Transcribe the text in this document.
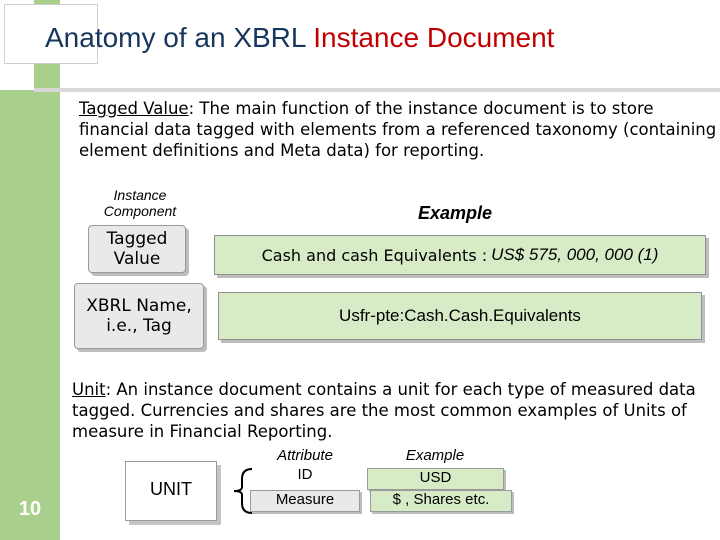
Anatomy of an XBRL Instance Document
Tagged Value: The main function of the instance document is to store financial data tagged with elements from a referenced taxonomy (containing element definitions and Meta data) for reporting.
Instance Component	Example
Tagged Value
XBRL Name, i.e., Tag
Cash and cash Equivalents : US$ 575, 000, 000 (1)
Usfr-pte:Cash.Cash.Equivalents
Unit: An instance document contains a unit for each type of measured data tagged. Currencies and shares are the most common examples of Units of measure in Financial Reporting.
UNIT
Attribute	Example
ID
Measure
USD
$ , Shares etc.
10
